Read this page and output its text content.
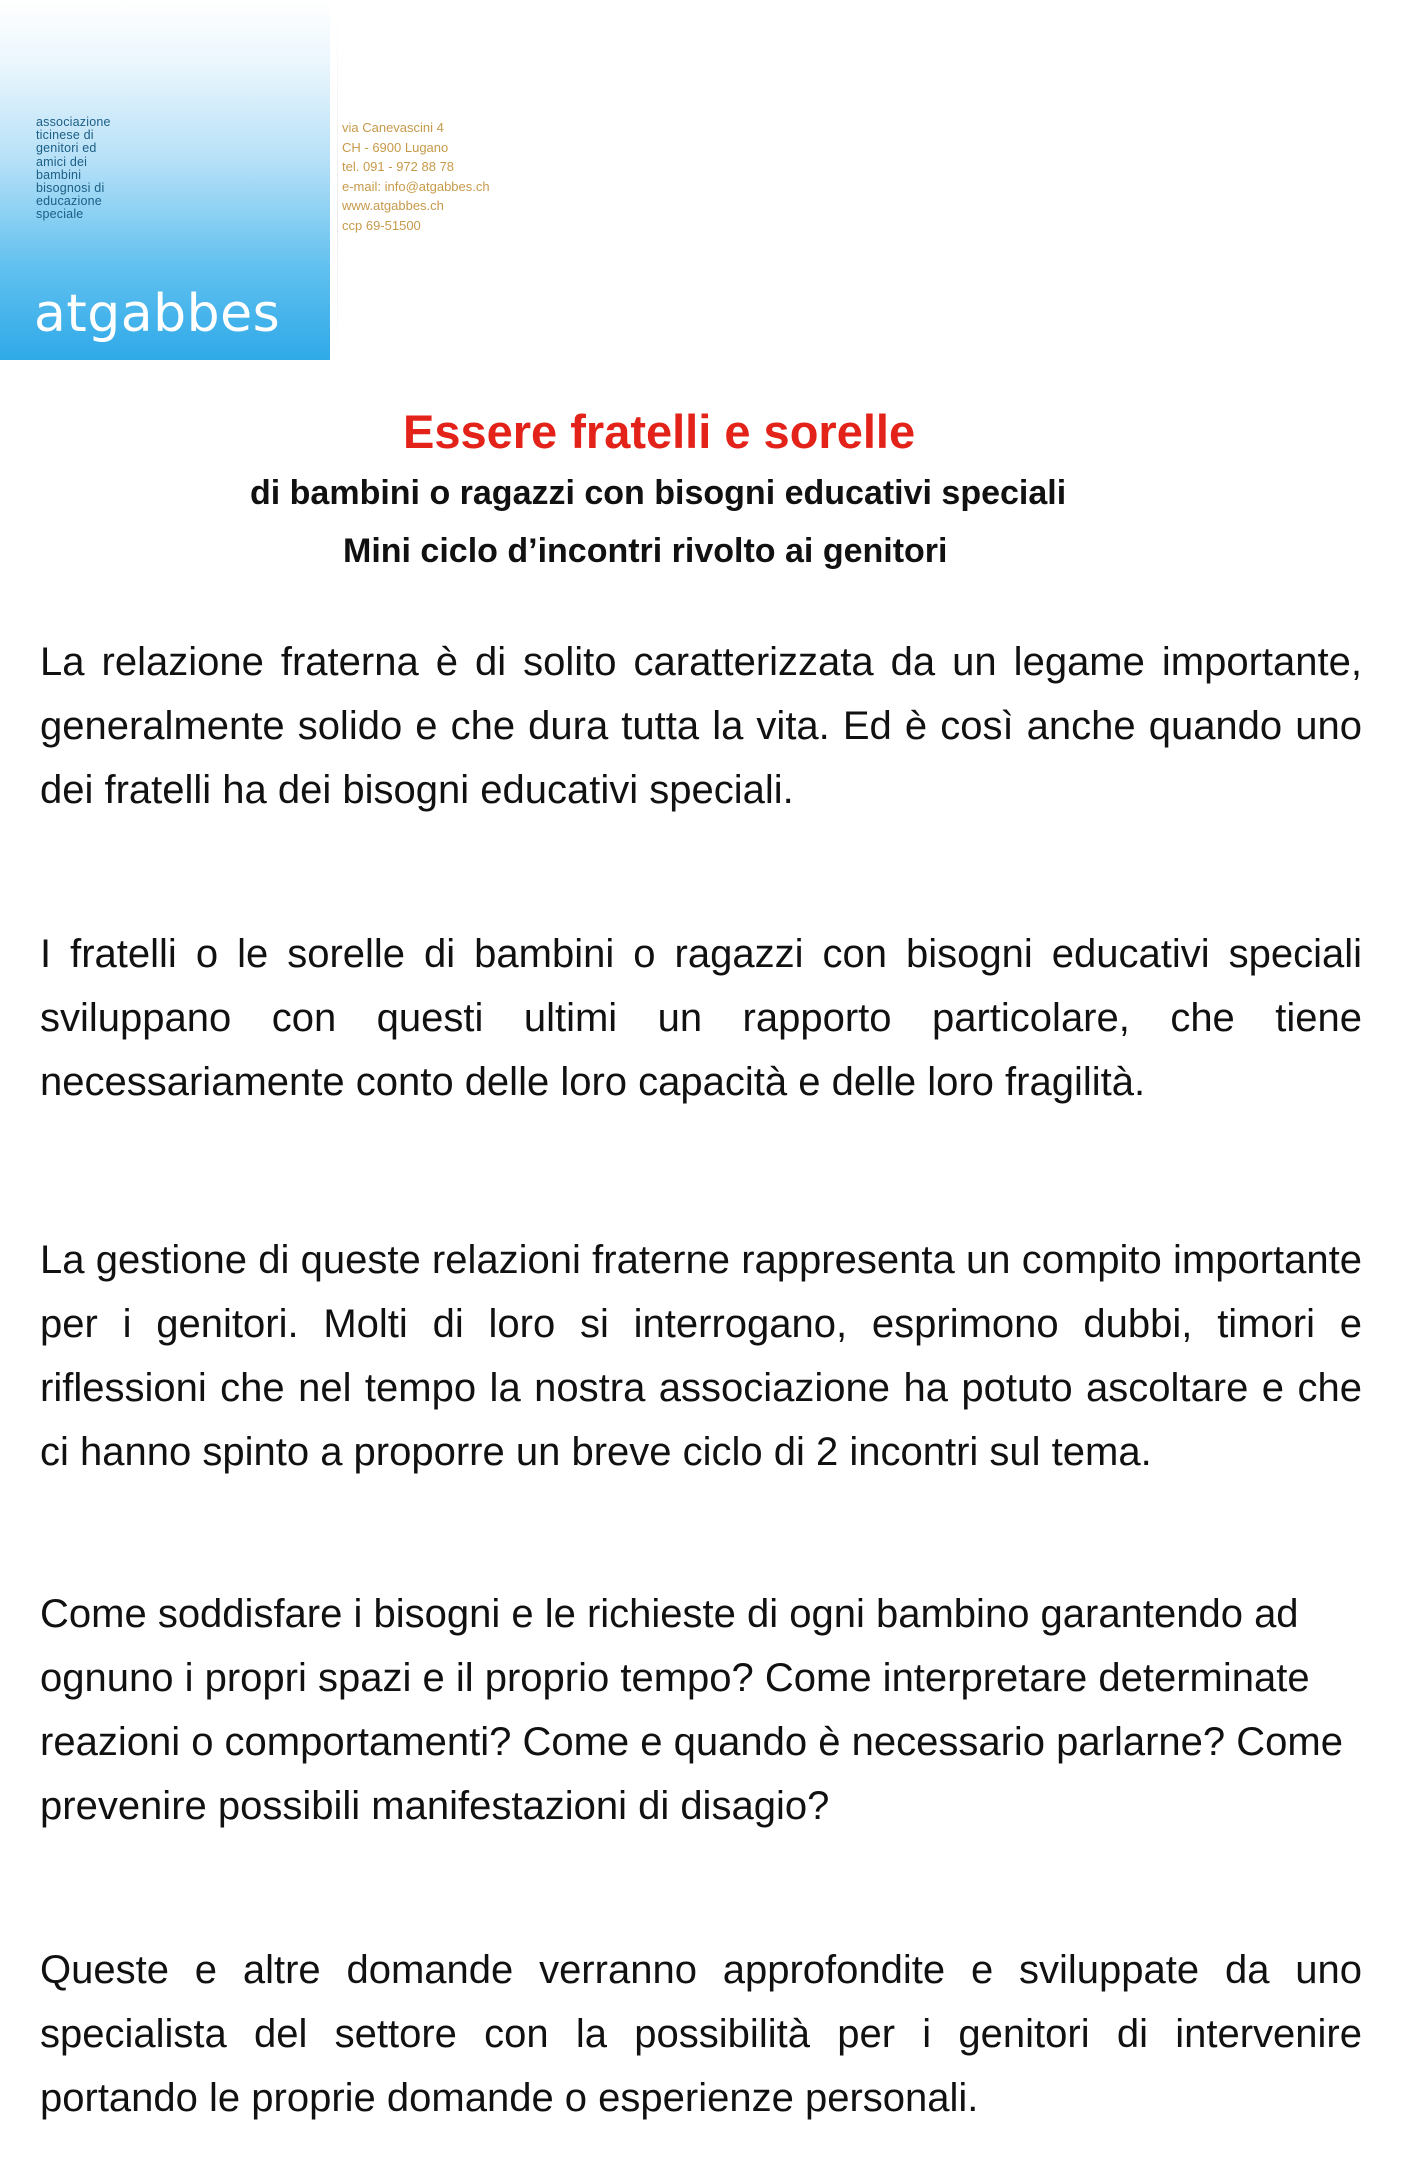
associazione
ticinese di
genitori ed
amici dei
bambini
bisognosi di
educazione
speciale
atgabbes
via Canevascini 4
CH - 6900 Lugano
tel. 091 - 972 88 78
e-mail: info@atgabbes.ch
www.atgabbes.ch
ccp 69-51500
Essere fratelli e sorelle
di bambini o ragazzi con bisogni educativi speciali
Mini ciclo d’incontri rivolto ai genitori

La relazione fraterna è di solito caratterizzata da un legame importante, generalmente solido e che dura tutta la vita. Ed è così anche quando uno dei fratelli ha dei bisogni educativi speciali.

I fratelli o le sorelle di bambini o ragazzi con bisogni educativi speciali sviluppano con questi ultimi un rapporto particolare, che tiene necessariamente conto delle loro capacità e delle loro fragilità.

La gestione di queste relazioni fraterne rappresenta un compito importante per i genitori. Molti di loro si interrogano, esprimono dubbi, timori e riflessioni che nel tempo la nostra associazione ha potuto ascoltare e che ci hanno spinto a proporre un breve ciclo di 2 incontri sul tema.

Come soddisfare i bisogni e le richieste di ogni bambino garantendo ad ognuno i propri spazi e il proprio tempo? Come interpretare determinate reazioni o comportamenti? Come e quando è necessario parlarne? Come prevenire possibili manifestazioni di disagio?

Queste e altre domande verranno approfondite e sviluppate da uno specialista del settore con la possibilità per i genitori di intervenire portando le proprie domande o esperienze personali.
